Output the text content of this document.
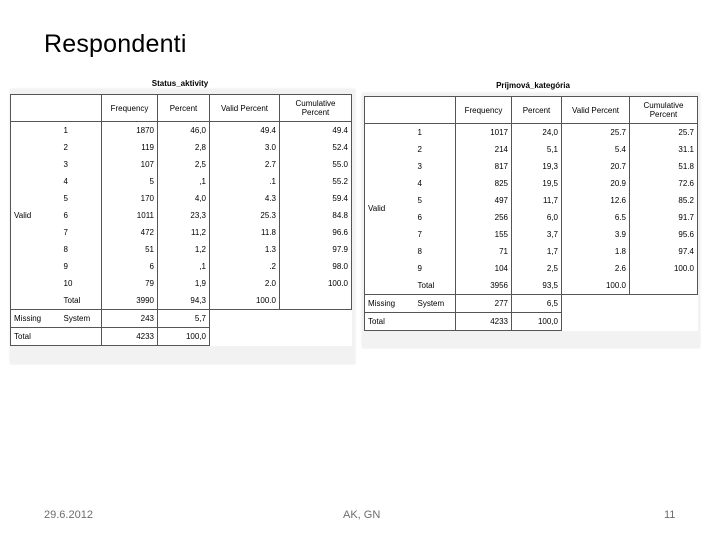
Respondenti
Status_aktivity
		Frequency	Percent	Valid Percent	Cumulative Percent
Valid	1	1870	46,0	49.4	49.4
	2	119	2,8	3.0	52.4
	3	107	2,5	2.7	55.0
	4	5	,1	.1	55.2
	5	170	4,0	4.3	59.4
	6	1011	23,3	25.3	84.8
	7	472	11,2	11.8	96.6
	8	51	1,2	1.3	97.9
	9	6	,1	.2	98.0
	10	79	1,9	2.0	100.0
	Total	3990	94,3	100.0	
Missing	System	243	5,7		
Total		4233	100,0		
Príjmová_kategória
		Frequency	Percent	Valid Percent	Cumulative Percent
Valid	1	1017	24,0	25.7	25.7
	2	214	5,1	5.4	31.1
	3	817	19,3	20.7	51.8
	4	825	19,5	20.9	72.6
	5	497	11,7	12.6	85.2
	6	256	6,0	6.5	91.7
	7	155	3,7	3.9	95.6
	8	71	1,7	1.8	97.4
	9	104	2,5	2.6	100.0
	Total	3956	93,5	100.0	
Missing	System	277	6,5		
Total		4233	100,0		
29.6.2012	AK, GN	11
